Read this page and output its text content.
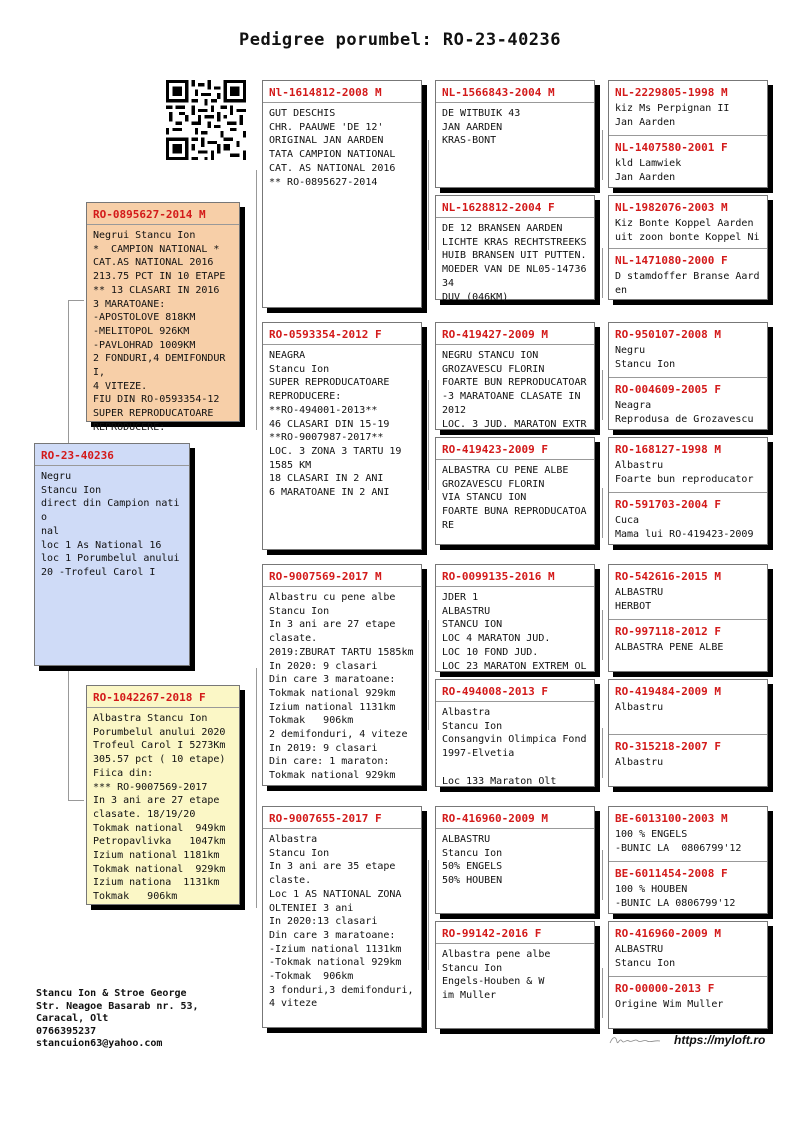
Pedigree porumbel: RO-23-40236
RO-23-40236
Negru
Stancu Ion
direct din Campion natio
nal
loc 1 As National 16
loc 1 Porumbelul anului
20 -Trofeul Carol I
RO-0895627-2014 M
Negrui Stancu Ion
*  CAMPION NATIONAL *
CAT.AS NATIONAL 2016
213.75 PCT IN 10 ETAPE
** 13 CLASARI IN 2016
3 MARATOANE:
-APOSTOLOVE 818KM
-MELITOPOL 926KM
-PAVLOHRAD 1009KM
2 FONDURI,4 DEMIFONDURI,
4 VITEZE.
FIU DIN RO-0593354-12
SUPER REPRODUCATOARE
REPRODUCERE:
RO-1042267-2018 F
Albastra Stancu Ion
Porumbelul anului 2020
Trofeul Carol I 5273Km
305.57 pct ( 10 etape)
Fiica din:
*** RO-9007569-2017
In 3 ani are 27 etape
clasate. 18/19/20
Tokmak national  949km
Petropavlivka   1047km
Izium national 1181km
Tokmak national  929km
Izium nationa  1131km
Tokmak   906km
Nl-1614812-2008 M
GUT DESCHIS
CHR. PAAUWE 'DE 12'
ORIGINAL JAN AARDEN
TATA CAMPION NATIONAL
CAT. AS NATIONAL 2016
** RO-0895627-2014
RO-0593354-2012 F
NEAGRA
Stancu Ion
SUPER REPRODUCATOARE
REPRODUCERE:
**RO-494001-2013**
46 CLASARI DIN 15-19
**RO-9007987-2017**
LOC. 3 ZONA 3 TARTU 19
1585 KM
18 CLASARI IN 2 ANI
6 MARATOANE IN 2 ANI
RO-9007569-2017 M
Albastru cu pene albe
Stancu Ion
In 3 ani are 27 etape
clasate.
2019:ZBURAT TARTU 1585km
In 2020: 9 clasari
Din care 3 maratoane:
Tokmak national 929km
Izium national 1131km
Tokmak   906km
2 demifonduri, 4 viteze
In 2019: 9 clasari
Din care: 1 maraton:
Tokmak national 929km
RO-9007655-2017 F
Albastra
Stancu Ion
In 3 ani are 35 etape
claste.
Loc 1 AS NATIONAL ZONA
OLTENIEI 3 ani
In 2020:13 clasari
Din care 3 maratoane:
-Izium national 1131km
-Tokmak national 929km
-Tokmak  906km
3 fonduri,3 demifonduri,
4 viteze
NL-1566843-2004 M
DE WITBUIK 43
JAN AARDEN
KRAS-BONT
NL-1628812-2004 F
DE 12 BRANSEN AARDEN
LICHTE KRAS RECHTSTREEKS
HUIB BRANSEN UIT PUTTEN.
MOEDER VAN DE NL05-14736
34
DUV (046KM)
RO-419427-2009 M
NEGRU STANCU ION
GROZAVESCU FLORIN
FOARTE BUN REPRODUCATOAR
-3 MARATOANE CLASATE IN
2012
LOC. 3 JUD. MARATON EXTR
RO-419423-2009 F
ALBASTRA CU PENE ALBE
GROZAVESCU FLORIN
VIA STANCU ION
FOARTE BUNA REPRODUCATOA
RE
RO-0099135-2016 M
JDER 1
ALBASTRU
STANCU ION
LOC 4 MARATON JUD.
LOC 10 FOND JUD.
LOC 23 MARATON EXTREM OL
RO-494008-2013 F
Albastra
Stancu Ion
Consangvin Olimpica Fond
1997-Elvetia

Loc 133 Maraton Olt
RO-416960-2009 M
ALBASTRU
Stancu Ion
50% ENGELS
50% HOUBEN
RO-99142-2016 F
Albastra pene albe
Stancu Ion
Engels-Houben & W
im Muller
NL-2229805-1998 M
kiz Ms Perpignan II
Jan Aarden
NL-1407580-2001 F
kld Lamwiek
Jan Aarden
NL-1982076-2003 M
Kiz Bonte Koppel Aarden
uit zoon bonte Koppel Ni
NL-1471080-2000 F
D stamdoffer Branse Aard
en
RO-950107-2008 M
Negru
Stancu Ion
RO-004609-2005 F
Neagra
Reprodusa de Grozavescu
RO-168127-1998 M
Albastru
Foarte bun reproducator
RO-591703-2004 F
Cuca
Mama lui RO-419423-2009
RO-542616-2015 M
ALBASTRU
HERBOT
RO-997118-2012 F
ALBASTRA PENE ALBE
RO-419484-2009 M
Albastru
RO-315218-2007 F
Albastru
BE-6013100-2003 M
100 % ENGELS
-BUNIC LA  0806799'12
BE-6011454-2008 F
100 % HOUBEN
-BUNIC LA 0806799'12
RO-416960-2009 M
ALBASTRU
Stancu Ion
RO-00000-2013 F
Origine Wim Muller
Stancu Ion & Stroe George
Str. Neagoe Basarab nr. 53,
Caracal, Olt
0766395237
stancuion63@yahoo.com	https://myloft.ro
